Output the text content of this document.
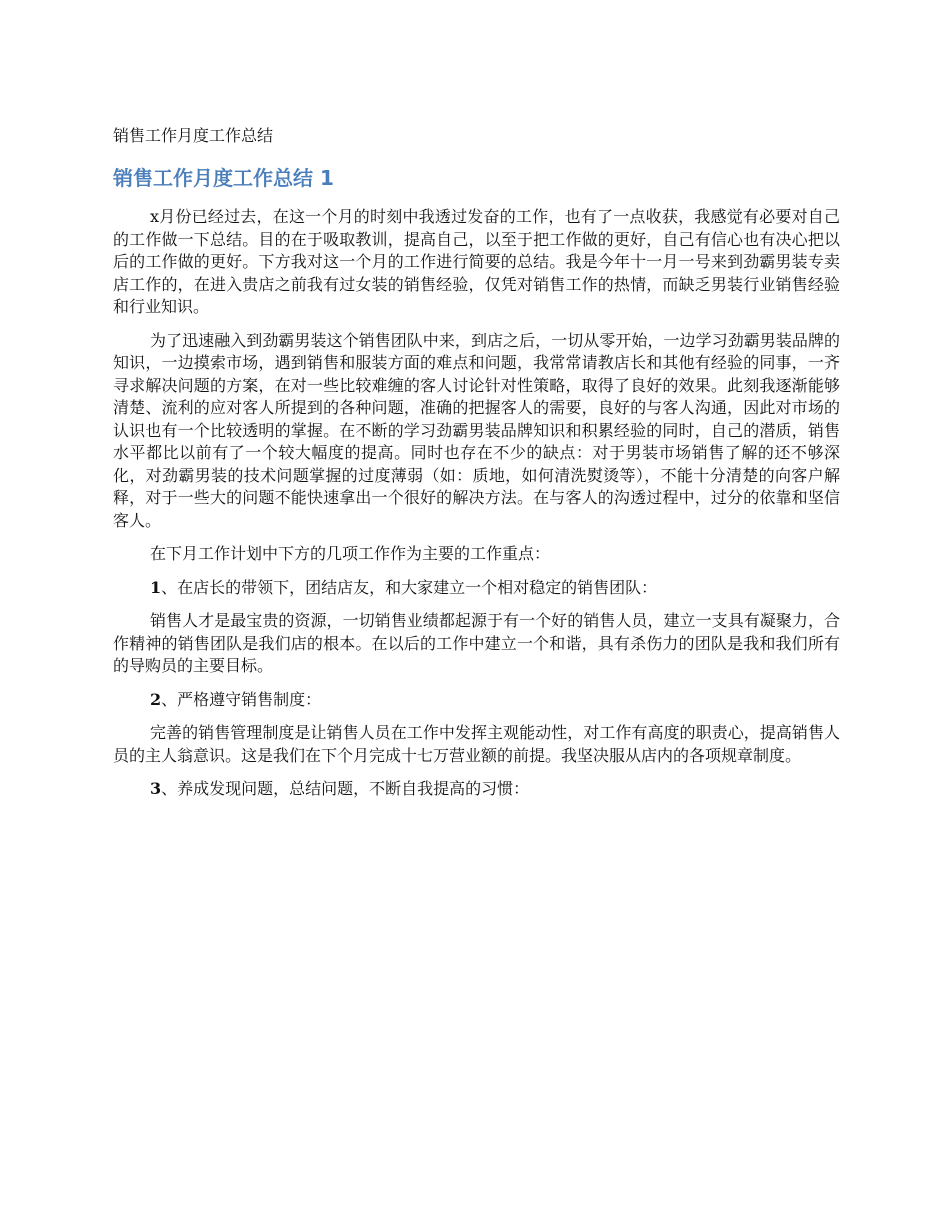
销售工作月度工作总结
销售工作月度工作总结 1

x月份已经过去，在这一个月的时刻中我透过发奋的工作，也有了一点收获，我感觉有必要对自己的工作做一下总结。目的在于吸取教训，提高自己，以至于把工作做的更好，自己有信心也有决心把以后的工作做的更好。下方我对这一个月的工作进行简要的总结。我是今年十一月一号来到劲霸男装专卖店工作的，在进入贵店之前我有过女装的销售经验，仅凭对销售工作的热情，而缺乏男装行业销售经验和行业知识。

为了迅速融入到劲霸男装这个销售团队中来，到店之后，一切从零开始，一边学习劲霸男装品牌的知识，一边摸索市场，遇到销售和服装方面的难点和问题，我常常请教店长和其他有经验的同事，一齐寻求解决问题的方案，在对一些比较难缠的客人讨论针对性策略，取得了良好的效果。此刻我逐渐能够清楚、流利的应对客人所提到的各种问题，准确的把握客人的需要，良好的与客人沟通，因此对市场的认识也有一个比较透明的掌握。在不断的学习劲霸男装品牌知识和积累经验的同时，自己的潜质，销售水平都比以前有了一个较大幅度的提高。同时也存在不少的缺点：对于男装市场销售了解的还不够深化，对劲霸男装的技术问题掌握的过度薄弱（如：质地，如何清洗熨烫等），不能十分清楚的向客户解释，对于一些大的问题不能快速拿出一个很好的解决方法。在与客人的沟透过程中，过分的依靠和坚信客人。

在下月工作计划中下方的几项工作作为主要的工作重点：

1、在店长的带领下，团结店友，和大家建立一个相对稳定的销售团队：

销售人才是最宝贵的资源，一切销售业绩都起源于有一个好的销售人员，建立一支具有凝聚力，合作精神的销售团队是我们店的根本。在以后的工作中建立一个和谐，具有杀伤力的团队是我和我们所有的导购员的主要目标。

2、严格遵守销售制度：

完善的销售管理制度是让销售人员在工作中发挥主观能动性，对工作有高度的职责心，提高销售人员的主人翁意识。这是我们在下个月完成十七万营业额的前提。我坚决服从店内的各项规章制度。

3、养成发现问题，总结问题，不断自我提高的习惯：
